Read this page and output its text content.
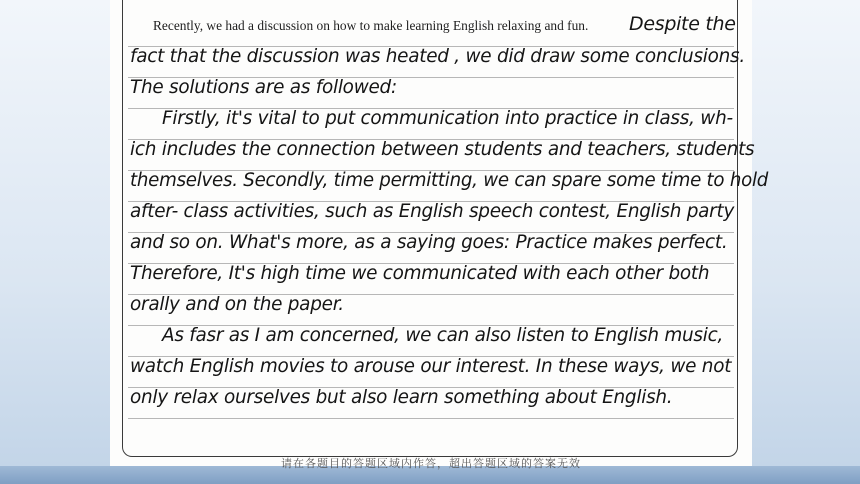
Recently, we had a discussion on how to make learning English relaxing and fun. Despite the
fact that the discussion was heated , we did draw some conclusions.
The solutions are as followed:
Firstly, it's vital to put communication into practice in class, wh-
ich includes the connection between students and teachers, students
themselves. Secondly, time permitting, we can spare some time to hold
after- class activities, such as English speech contest, English party
and so on. What's more, as a saying goes: Practice makes perfect.
Therefore, It's high time we communicated with each other both
orally and on the paper.
As fasr as I am concerned, we can also listen to English music,
watch English movies to arouse our interest. In these ways, we not
only relax ourselves but also learn something about English.
请在各题目的答题区域内作答，超出答题区域的答案无效
